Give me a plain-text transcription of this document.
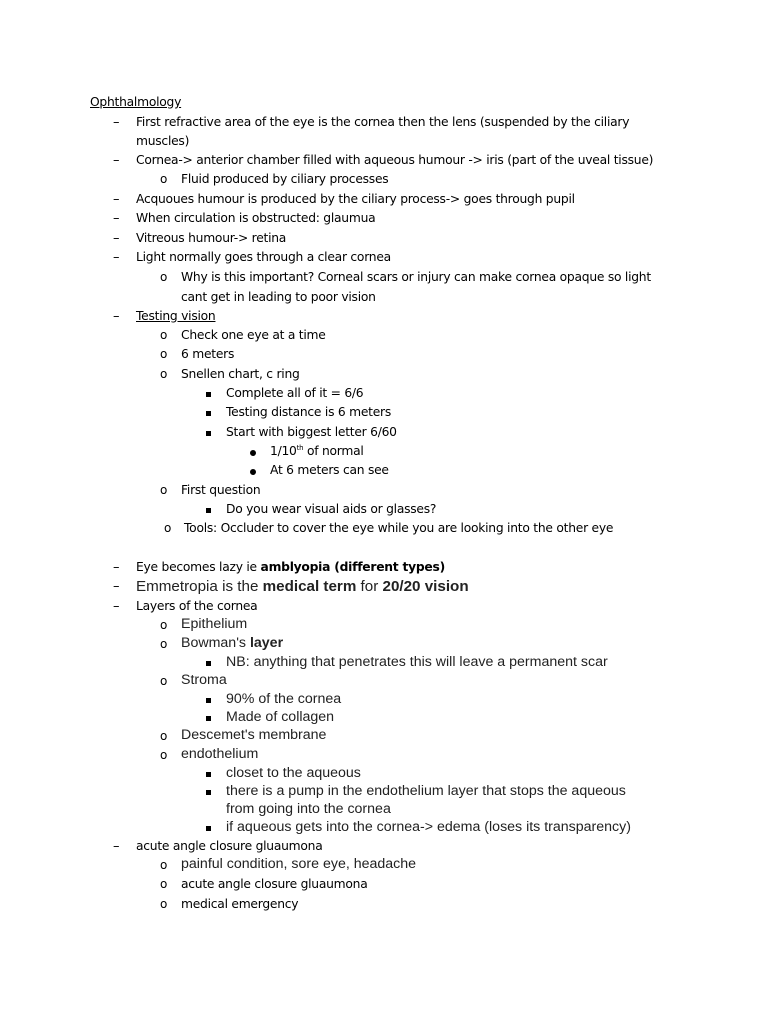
Ophthalmology
– First refractive area of the eye is the cornea then the lens (suspended by the ciliary
muscles)
– Cornea-> anterior chamber filled with aqueous humour -> iris (part of the uveal tissue)
o Fluid produced by ciliary processes
– Acquoues humour is produced by the ciliary process-> goes through pupil
– When circulation is obstructed: glaumua
– Vitreous humour-> retina
– Light normally goes through a clear cornea
o Why is this important? Corneal scars or injury can make cornea opaque so light
cant get in leading to poor vision
– Testing vision
o Check one eye at a time
o 6 meters
o Snellen chart, c ring
Complete all of it = 6/6
Testing distance is 6 meters
Start with biggest letter 6/60
1/10th of normal
At 6 meters can see
o First question
Do you wear visual aids or glasses?
o Tools: Occluder to cover the eye while you are looking into the other eye
– Eye becomes lazy ie amblyopia (different types)
– Emmetropia is the medical term for 20/20 vision
– Layers of the cornea
o Epithelium
o Bowman's layer
NB: anything that penetrates this will leave a permanent scar
o Stroma
90% of the cornea
Made of collagen
o Descemet's membrane
o endothelium
closet to the aqueous
there is a pump in the endothelium layer that stops the aqueous
from going into the cornea
if aqueous gets into the cornea-> edema (loses its transparency)
– acute angle closure gluaumona
o painful condition, sore eye, headache
o acute angle closure gluaumona
o medical emergency
